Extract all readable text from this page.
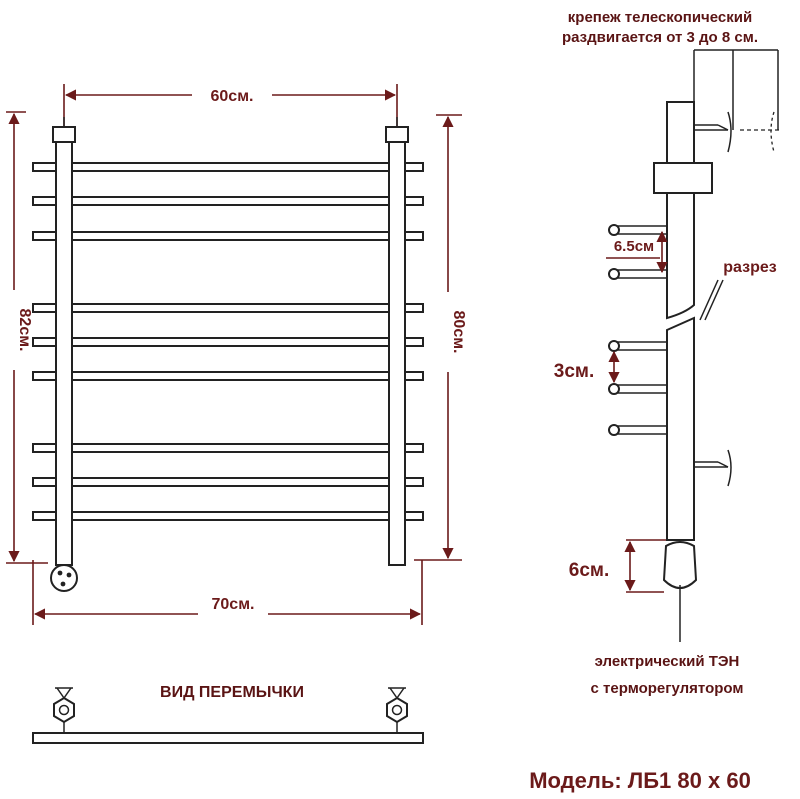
60см.
82см.	80см.
70см.
ВИД ПЕРЕМЫЧКИ
крепеж телескопический
раздвигается от 3 до 8 см.
6.5см
разрез
3см.
6см.
электрический ТЭН
с терморегулятором
Модель: ЛБ1 80 х 60
